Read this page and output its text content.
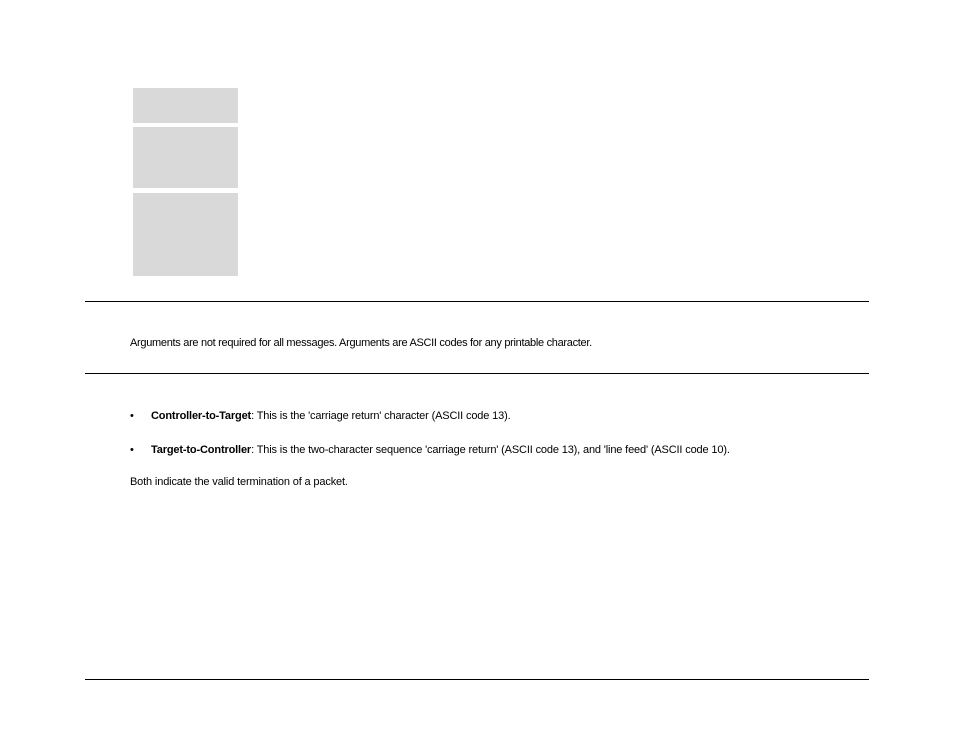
Arguments are not required for all messages. Arguments are ASCII codes for any printable character.
• Controller-to-Target: This is the 'carriage return' character (ASCII code 13).
• Target-to-Controller: This is the two-character sequence 'carriage return' (ASCII code 13), and 'line feed' (ASCII code 10).
Both indicate the valid termination of a packet.
